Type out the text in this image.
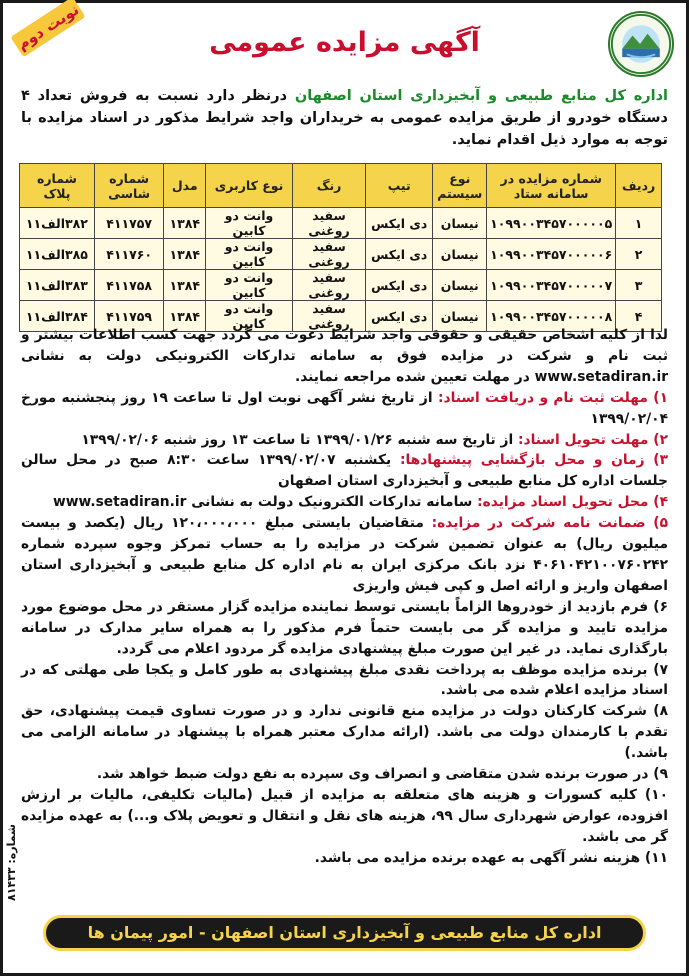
نوبت دوم	آگهی مزایده عمومی
اداره کل منابع طبیعی و آبخیزداری استان اصفهان درنظر دارد نسبت به فروش تعداد ۴ دستگاه خودرو از طریق مزایده عمومی به خریداران واجد شرایط مذکور در اسناد مزایده با توجه به موارد ذیل اقدام نماید.
ردیف	شماره مزایده در سامانه ستاد	نوع سیستم	تیپ	رنگ	نوع کاربری	مدل	شماره شاسی	شماره پلاک
۱	۱۰۹۹۰۰۳۴۵۷۰۰۰۰۰۵	نیسان	دی ایکس	سفید روغنی	وانت دو کابین	۱۳۸۴	۴۱۱۷۵۷	۳۸۲الف۱۱
۲	۱۰۹۹۰۰۳۴۵۷۰۰۰۰۰۶	نیسان	دی ایکس	سفید روغنی	وانت دو کابین	۱۳۸۴	۴۱۱۷۶۰	۳۸۵الف۱۱
۳	۱۰۹۹۰۰۳۴۵۷۰۰۰۰۰۷	نیسان	دی ایکس	سفید روغنی	وانت دو کابین	۱۳۸۴	۴۱۱۷۵۸	۳۸۳الف۱۱
۴	۱۰۹۹۰۰۳۴۵۷۰۰۰۰۰۸	نیسان	دی ایکس	سفید روغنی	وانت دو کابین	۱۳۸۴	۴۱۱۷۵۹	۳۸۴الف۱۱

لذا از کلیه اشخاص حقیقی و حقوقی واجد شرایط دعوت می گردد جهت کسب اطلاعات بیشتر و ثبت نام و شرکت در مزایده فوق به سامانه تدارکات الکترونیکی دولت به نشانی www.setadiran.ir در مهلت تعیین شده مراجعه نمایند.

۱) مهلت ثبت نام و دریافت اسناد: از تاریخ نشر آگهی نوبت اول تا ساعت ۱۹ روز پنجشنبه مورخ ۱۳۹۹/۰۲/۰۴

۲) مهلت تحویل اسناد: از تاریخ سه شنبه ۱۳۹۹/۰۱/۲۶ تا ساعت ۱۳ روز شنبه ۱۳۹۹/۰۲/۰۶

۳) زمان و محل بازگشایی پیشنهادها: یکشنبه ۱۳۹۹/۰۲/۰۷ ساعت ۸:۳۰ صبح در محل سالن جلسات اداره کل منابع طبیعی و آبخیزداری استان اصفهان

۴) محل تحویل اسناد مزایده: سامانه تدارکات الکترونیک دولت به نشانی www.setadiran.ir

۵) ضمانت نامه شرکت در مزایده: متقاضیان بایستی مبلغ ۱۲۰،۰۰۰،۰۰۰ ریال (یکصد و بیست میلیون ریال) به عنوان تضمین شرکت در مزایده را به حساب تمرکز وجوه سپرده شماره ۴۰۶۱۰۴۲۱۰۰۷۶۰۲۴۲ نزد بانک مرکزی ایران به نام اداره کل منابع طبیعی و آبخیزداری استان اصفهان واریز و ارائه اصل و کپی فیش واریزی

۶) فرم بازدید از خودروها الزاماً بایستی توسط نماینده مزایده گزار مستقر در محل موضوع مورد مزایده تایید و مزایده گر می بایست حتماً فرم مذکور را به همراه سایر مدارک در سامانه بارگذاری نماید. در غیر این صورت مبلغ پیشنهادی مزایده گر مردود اعلام می گردد.

۷) برنده مزایده موظف به پرداخت نقدی مبلغ پیشنهادی به طور کامل و یکجا طی مهلتی که در اسناد مزایده اعلام شده می باشد.

۸) شرکت کارکنان دولت در مزایده منع قانونی ندارد و در صورت تساوی قیمت پیشنهادی، حق تقدم با کارمندان دولت می باشد. (ارائه مدارک معتبر همراه با پیشنهاد در سامانه الزامی می باشد.)

۹) در صورت برنده شدن متقاضی و انصراف وی سپرده به نفع دولت ضبط خواهد شد.

۱۰) کلیه کسورات و هزینه های متعلقه به مزایده از قبیل (مالیات تکلیفی، مالیات بر ارزش افزوده، عوارض شهرداری سال ۹۹، هزینه های نقل و انتقال و تعویض پلاک و...) به عهده مزایده گر می باشد.

۱۱) هزینه نشر آگهی به عهده برنده مزایده می باشد.

اداره کل منابع طبیعی و آبخیزداری استان اصفهان - امور پیمان ها
شماره: ۸۱۴۳۳
